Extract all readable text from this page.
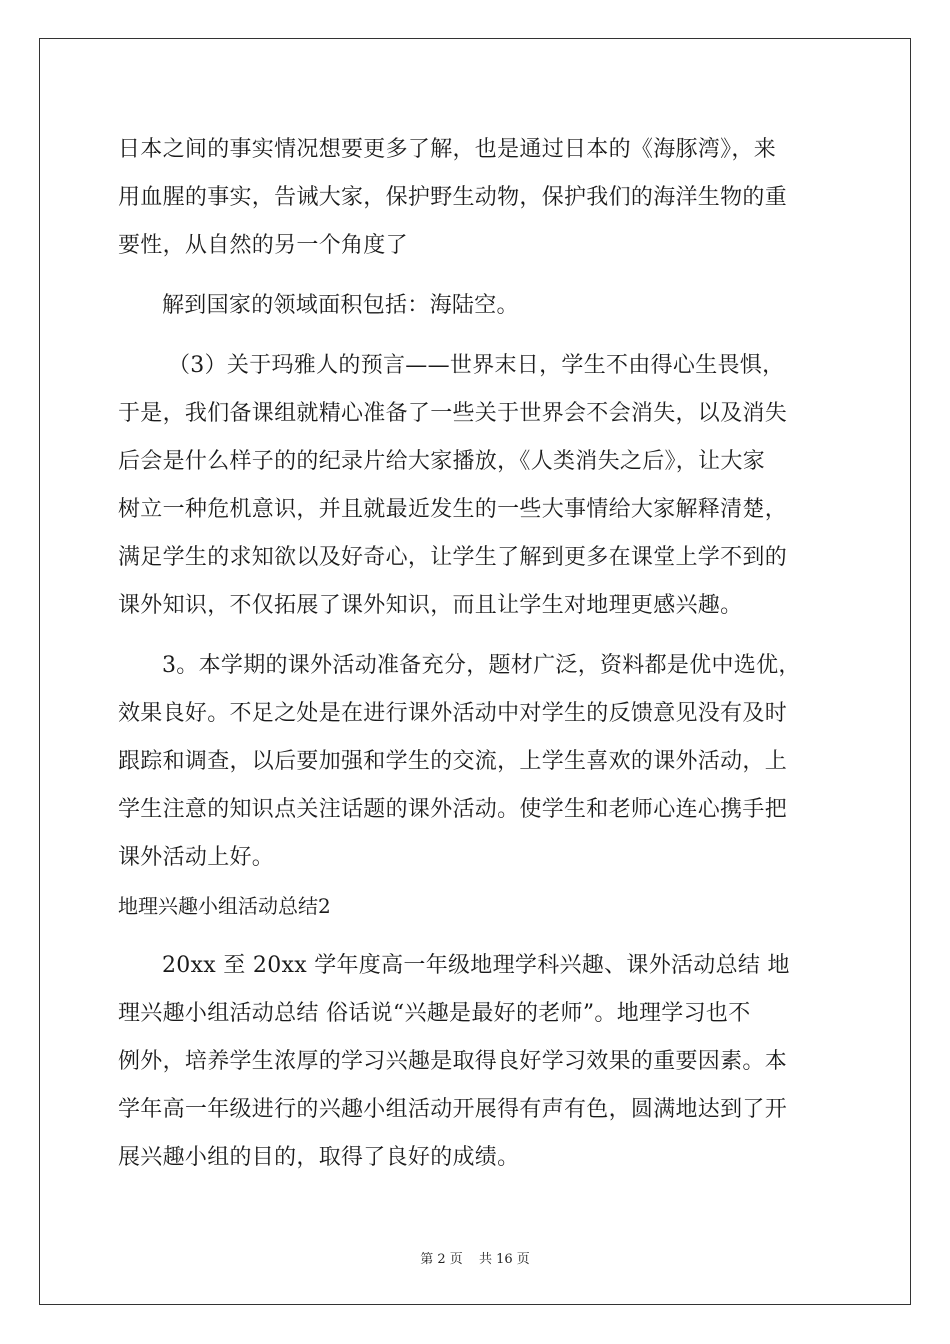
日本之间的事实情况想要更多了解，也是通过日本的《海豚湾》，来

用血腥的事实，告诫大家，保护野生动物，保护我们的海洋生物的重

要性，从自然的另一个角度了

解到国家的领域面积包括：海陆空。

（3）关于玛雅人的预言——世界末日，学生不由得心生畏惧，

于是，我们备课组就精心准备了一些关于世界会不会消失，以及消失

后会是什么样子的的纪录片给大家播放，《人类消失之后》，让大家

树立一种危机意识，并且就最近发生的一些大事情给大家解释清楚，

满足学生的求知欲以及好奇心，让学生了解到更多在课堂上学不到的

课外知识，不仅拓展了课外知识，而且让学生对地理更感兴趣。

3。本学期的课外活动准备充分，题材广泛，资料都是优中选优，

效果良好。不足之处是在进行课外活动中对学生的反馈意见没有及时

跟踪和调查，以后要加强和学生的交流，上学生喜欢的课外活动，上

学生注意的知识点关注话题的课外活动。使学生和老师心连心携手把

课外活动上好。

地理兴趣小组活动总结2

20xx 至 20xx 学年度高一年级地理学科兴趣、课外活动总结 地

理兴趣小组活动总结 俗话说“兴趣是最好的老师”。地理学习也不

例外，培养学生浓厚的学习兴趣是取得良好学习效果的重要因素。本

学年高一年级进行的兴趣小组活动开展得有声有色，圆满地达到了开

展兴趣小组的目的，取得了良好的成绩。

第 2 页 共 16 页
